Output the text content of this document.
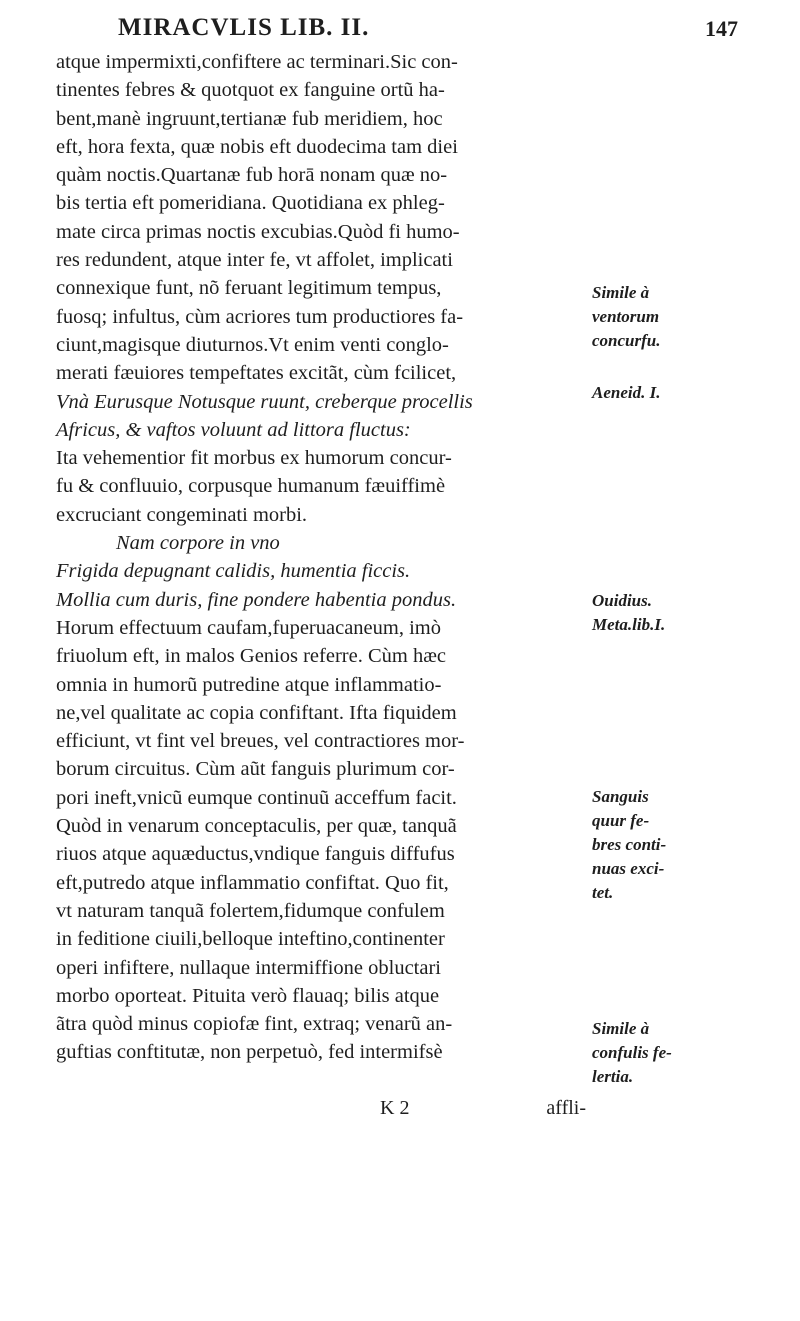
MIRACVLIS LIB. II.	147
atque impermixti,confiftere ac terminari.Sic con-
tinentes febres & quotquot ex fanguine ortũ ha-
bent,manè ingruunt,tertianæ fub meridiem, hoc
eft, hora fexta, quæ nobis eft duodecima tam diei
quàm noctis.Quartanæ fub horā nonam quæ no-
bis tertia eft pomeridiana. Quotidiana ex phleg-
mate circa primas noctis excubias.Quòd fi humo-
res redundent, atque inter fe, vt affolet, implicati
connexique funt, nõ feruant legitimum tempus,
fuosq; infultus, cùm acriores tum productiores fa-
ciunt,magisque diuturnos.Vt enim venti conglo-
merati fæuiores tempeftates excitãt, cùm fcilicet,
Vnà Eurusque Notusque ruunt, creberque procellis
Africus, & vaftos voluunt ad littora fluctus:
Ita vehementior fit morbus ex humorum concur-
fu & confluuio, corpusque humanum fæuiffimè
excruciant congeminati morbi.
Nam corpore in vno
Frigida depugnant calidis, humentia ficcis.
Mollia cum duris, fine pondere habentia pondus.
Horum effectuum caufam,fuperuacaneum, imò
friuolum eft, in malos Genios referre. Cùm hæc
omnia in humorũ putredine atque inflammatio-
ne,vel qualitate ac copia confiftant. Ifta fiquidem
efficiunt, vt fint vel breues, vel contractiores mor-
borum circuitus. Cùm aũt fanguis plurimum cor-
pori ineft,vnicũ eumque continuũ acceffum facit.
Quòd in venarum conceptaculis, per quæ, tanquã
riuos atque aquæductus,vndique fanguis diffufus
eft,putredo atque inflammatio confiftat. Quo fit,
vt naturam tanquã folertem,fidumque confulem
in feditione ciuili,belloque inteftino,continenter
operi infiftere, nullaque intermiffione obluctari
morbo oporteat. Pituita verò flauaq; bilis atque
ãtra quòd minus copiofæ fint, extraq; venarũ an-
guftias conftitutæ, non perpetuò, fed intermifsè
Simile à
ventorum
concurfu.
Aeneid. I.
Ouidius.
Meta.lib.I.
Sanguis
quur fe-
bres conti-
nuas exci-
tet.
Simile à
confulis fe-
lertia.
K 2	affli-
